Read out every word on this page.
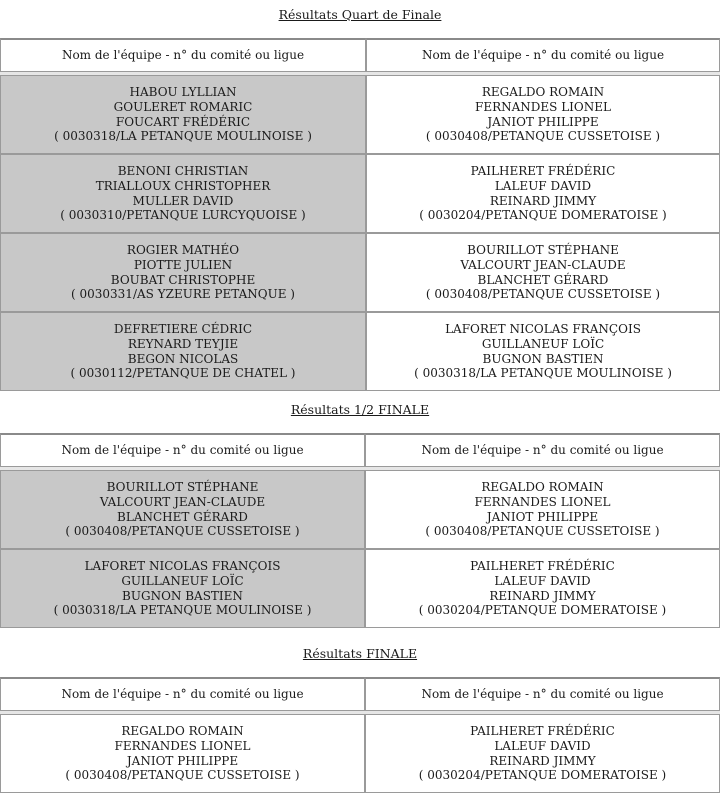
Résultats Quart de Finale
Nom de l'équipe - n° du comité ou ligue	Nom de l'équipe - n° du comité ou ligue

HABOU LYLLIAN
GOULERET ROMARIC
FOUCART FRÉDÉRIC
( 0030318/LA PETANQUE MOULINOISE )	REGALDO ROMAIN
FERNANDES LIONEL
JANIOT PHILIPPE
( 0030408/PETANQUE CUSSETOISE )

BENONI CHRISTIAN
TRIALLOUX CHRISTOPHER
MULLER DAVID
( 0030310/PETANQUE LURCYQUOISE )	PAILHERET FRÉDÉRIC
LALEUF DAVID
REINARD JIMMY
( 0030204/PETANQUE DOMERATOISE )

ROGIER MATHÉO
PIOTTE JULIEN
BOUBAT CHRISTOPHE
( 0030331/AS YZEURE PETANQUE )	BOURILLOT STÉPHANE
VALCOURT JEAN-CLAUDE
BLANCHET GÉRARD
( 0030408/PETANQUE CUSSETOISE )

DEFRETIERE CÉDRIC
REYNARD TEYJIE
BEGON NICOLAS
( 0030112/PETANQUE DE CHATEL )	LAFORET NICOLAS FRANÇOIS
GUILLANEUF LOÏC
BUGNON BASTIEN
( 0030318/LA PETANQUE MOULINOISE )
Résultats 1/2 FINALE
Nom de l'équipe - n° du comité ou ligue	Nom de l'équipe - n° du comité ou ligue

BOURILLOT STÉPHANE
VALCOURT JEAN-CLAUDE
BLANCHET GÉRARD
( 0030408/PETANQUE CUSSETOISE )	REGALDO ROMAIN
FERNANDES LIONEL
JANIOT PHILIPPE
( 0030408/PETANQUE CUSSETOISE )

LAFORET NICOLAS FRANÇOIS
GUILLANEUF LOÏC
BUGNON BASTIEN
( 0030318/LA PETANQUE MOULINOISE )	PAILHERET FRÉDÉRIC
LALEUF DAVID
REINARD JIMMY
( 0030204/PETANQUE DOMERATOISE )
Résultats FINALE
Nom de l'équipe - n° du comité ou ligue	Nom de l'équipe - n° du comité ou ligue

REGALDO ROMAIN
FERNANDES LIONEL
JANIOT PHILIPPE
( 0030408/PETANQUE CUSSETOISE )	PAILHERET FRÉDÉRIC
LALEUF DAVID
REINARD JIMMY
( 0030204/PETANQUE DOMERATOISE )
